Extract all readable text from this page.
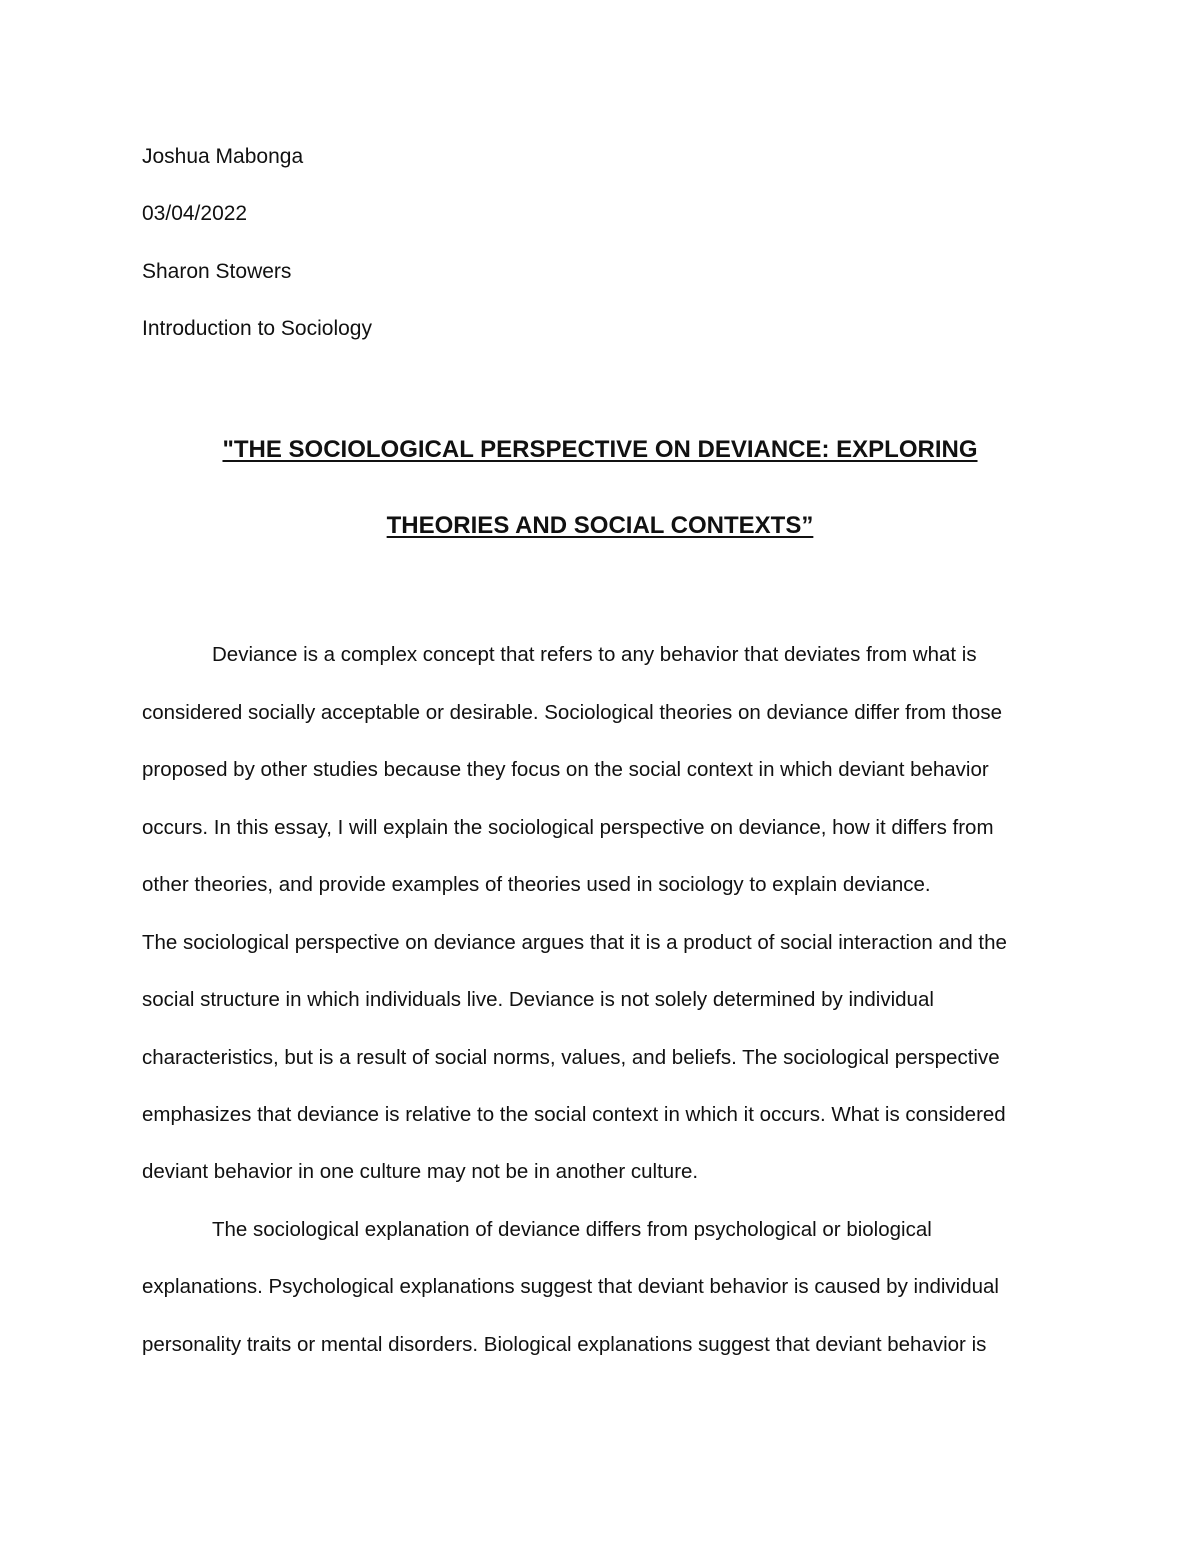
Joshua Mabonga
03/04/2022
Sharon Stowers
Introduction to Sociology
"THE SOCIOLOGICAL PERSPECTIVE ON DEVIANCE: EXPLORING
THEORIES AND SOCIAL CONTEXTS”
Deviance is a complex concept that refers to any behavior that deviates from what is
considered socially acceptable or desirable. Sociological theories on deviance differ from those
proposed by other studies because they focus on the social context in which deviant behavior
occurs. In this essay, I will explain the sociological perspective on deviance, how it differs from
other theories, and provide examples of theories used in sociology to explain deviance.
The sociological perspective on deviance argues that it is a product of social interaction and the
social structure in which individuals live. Deviance is not solely determined by individual
characteristics, but is a result of social norms, values, and beliefs. The sociological perspective
emphasizes that deviance is relative to the social context in which it occurs. What is considered
deviant behavior in one culture may not be in another culture.
The sociological explanation of deviance differs from psychological or biological
explanations. Psychological explanations suggest that deviant behavior is caused by individual
personality traits or mental disorders. Biological explanations suggest that deviant behavior is
